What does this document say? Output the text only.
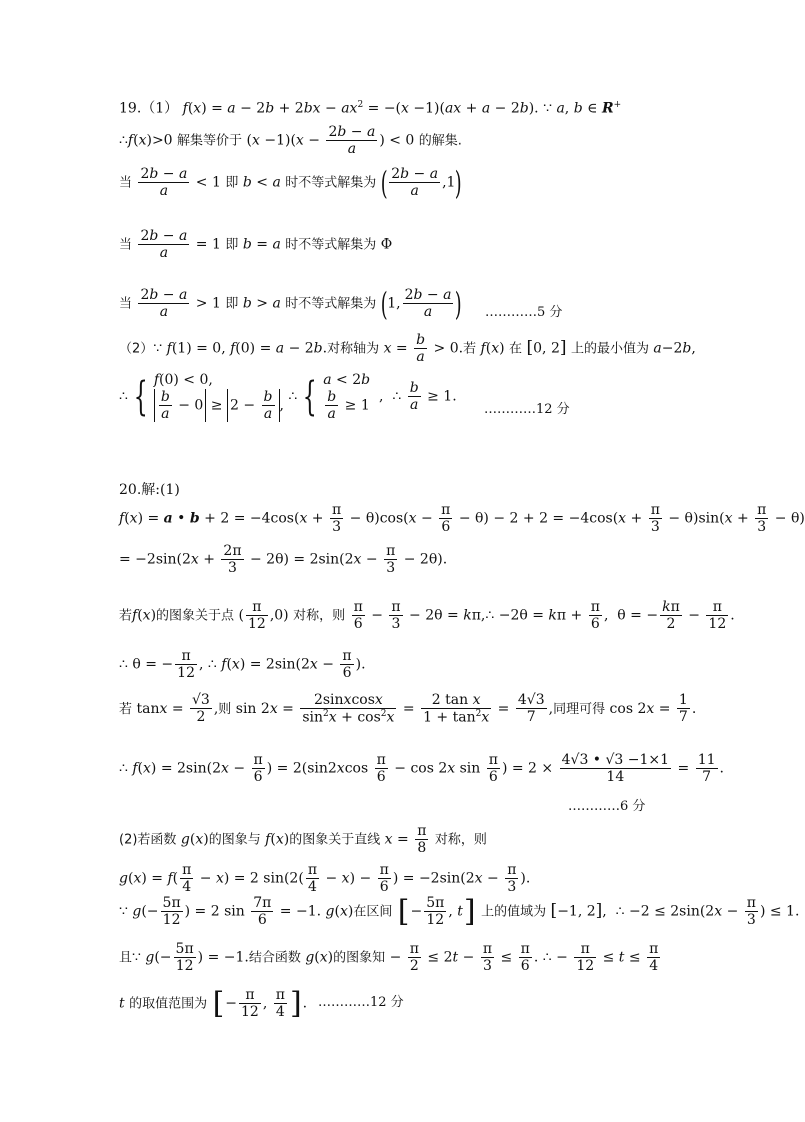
19.（1） $f(x) = a - 2b + 2bx - ax^2 = -(x -1)(ax + a - 2b)$. ∵ a, b ∈ R+
∴f(x)>0 解集等价于 $(x -1)(x - \frac{2b - a}{a}$ ) < 0 的解集.
当 $\frac{2b - a}{a} < 1$ 即 b < a 时不等式解集为 ( $\frac{2b - a}{a} ,1$)
当 $\frac{2b - a}{a} = 1$ 即 b = a 时不等式解集为 Φ
当 $\frac{2b - a}{a} > 1$ 即 b > a 时不等式解集为 (1, $\frac{2b - a}{a}$ ) …………5 分
（2）∵ f(1) = 0, f(0) = a − 2b.对称轴为 $x = \frac{b}{a} > 0$.若 f(x) 在 [0, 2] 上的最小值为 a−2b,
∴ { f(0) < 0,
$\frac{b}{a} - 0 \ge 2 - \frac{b}{a}$ ,
∴ { a < 2b
$\frac{b}{a} \ge 1$
,  ∴ $\frac{b}{a} \ge 1$.
…………12 分
20.解:(1)
f(x) = a • $b + 2 = -4\cos(x + \frac{\pi}{3} - \theta)\cos(x - \frac{\pi}{6} - \theta) - 2 + 2 = -4\cos(x + \frac{\pi}{3} - \theta)\sin(x + \frac{\pi}{3} - \theta)$
= $-2\sin(2x + \frac{2\pi}{3} - 2\theta) = 2\sin(2x - \frac{\pi}{3} - 2\theta)$.
若f(x)的图象关于点 ( $\frac{\pi}{12} ,0$) 对称，则 $\frac{\pi}{6} - \frac{\pi}{3} - 2\theta$ = kπ,∴ $-2\theta = k\pi + \frac{\pi}{6}$ ,  θ = − $\frac{k\pi}{2} - \frac{\pi}{12}$ .
∴ θ = − $\frac{\pi}{12}$ , ∴ $f(x) = 2\sin(2x - \frac{\pi}{6}$ ).
若 $\tan x = \frac{√3}{2}$ ,则 $\sin 2x = \frac{\text{2sinxcosx}}{\sin^2x + \cos^2x} = \frac{\text{2 tan x}}{1 + \tan^2x} = \frac{4√3}{7}$ ,同理可得 $\cos 2x = \frac{1}{7}$ .
∴ $f(x) = 2\sin(2x - \frac{\pi}{6}$ ) = $2(\sin 2xcos \frac{\pi}{6} - \cos 2x$ $\sin \frac{\pi}{6}$ ) = $2 \times \frac{4√3 • √3 -1\times 1}{14} = \frac{11}{7}$ .
…………6 分
(2)若函数 g(x)的图象与 f(x)的图象关于直线 $x = \frac{\pi}{8}$ 对称，则
$g(x) = f( \frac{\pi}{4} - x) = 2$ $\sin(2( \frac{\pi}{4} - x) - \frac{\pi}{6}$ ) = $-2\sin(2x - \frac{\pi}{3}$ ).
∵ $g(- \frac{5\pi}{12}$ ) = 2 $\sin \frac{7\pi}{6} = -1$. g(x)在区间 [− $\frac{5\pi}{12}$ , t] 上的值域为 [−1, 2],  ∴ $-2 \le 2\sin(2x - \frac{\pi}{3}$ ) ≤ 1.
且∵ $g(- \frac{5\pi}{12}$ ) = −1.结合函数 g(x)的图象知 − $\frac{\pi}{2} \le 2t - \frac{\pi}{3} \le \frac{\pi}{6}$ . ∴ − $\frac{\pi}{12} \le t \le \frac{\pi}{4}$
t 的取值范围为 [− $\frac{\pi}{12}$ , $\frac{\pi}{4}$ ]. …………12 分
